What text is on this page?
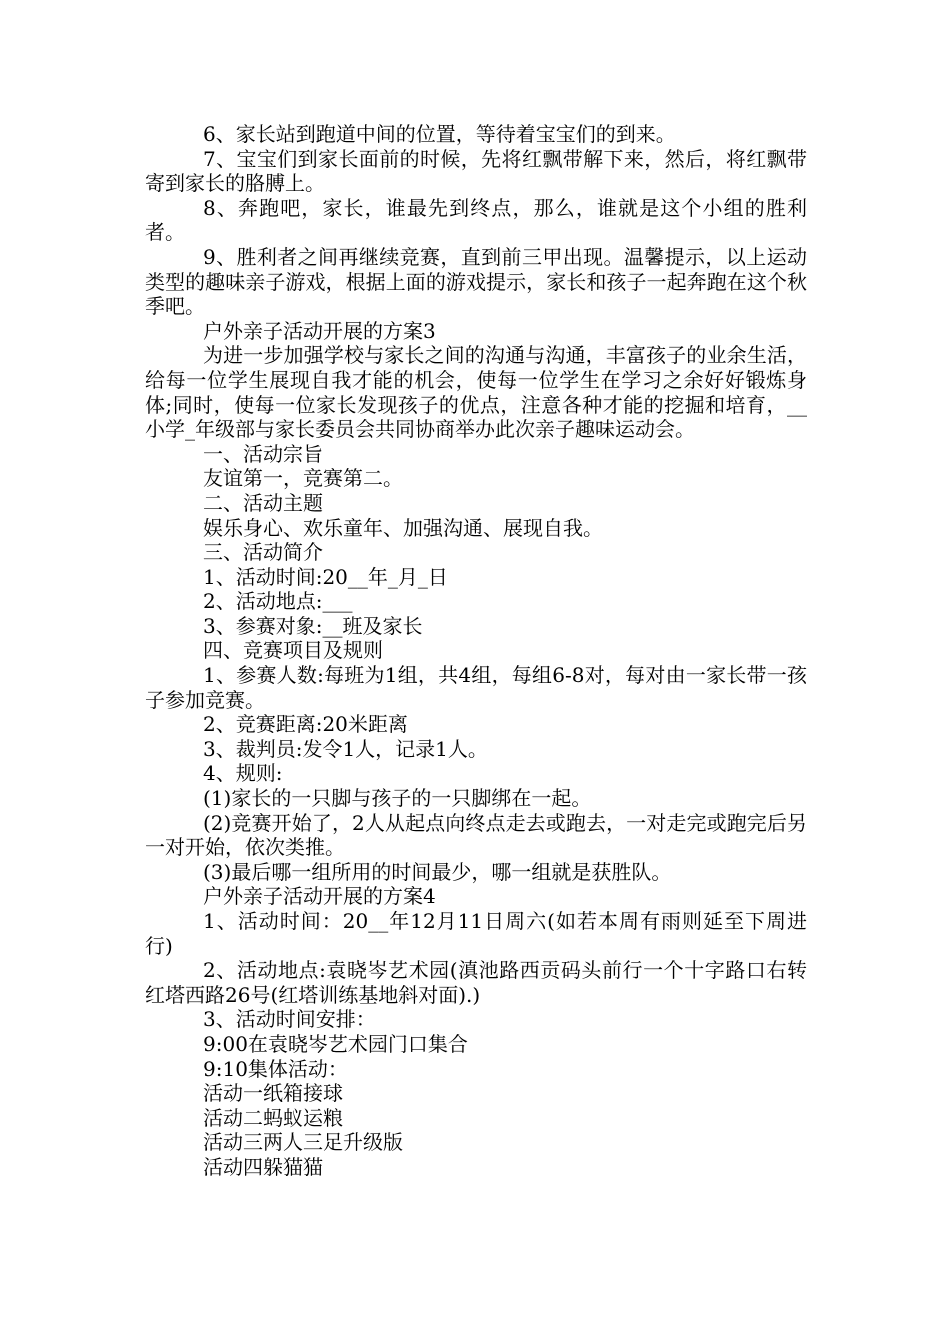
6、家长站到跑道中间的位置，等待着宝宝们的到来。

7、宝宝们到家长面前的时候，先将红飘带解下来，然后，将红飘带寄到家长的胳膊上。

8、奔跑吧，家长，谁最先到终点，那么，谁就是这个小组的胜利者。

9、胜利者之间再继续竞赛，直到前三甲出现。温馨提示，以上运动类型的趣味亲子游戏，根据上面的游戏提示，家长和孩子一起奔跑在这个秋季吧。

户外亲子活动开展的方案3

为进一步加强学校与家长之间的沟通与沟通，丰富孩子的业余生活，给每一位学生展现自我才能的机会，使每一位学生在学习之余好好锻炼身体;同时，使每一位家长发现孩子的优点，注意各种才能的挖掘和培育，__小学_年级部与家长委员会共同协商举办此次亲子趣味运动会。

一、活动宗旨

友谊第一，竞赛第二。

二、活动主题

娱乐身心、欢乐童年、加强沟通、展现自我。

三、活动简介

1、活动时间:20__年_月_日

2、活动地点:___

3、参赛对象:__班及家长

四、竞赛项目及规则

1、参赛人数:每班为1组，共4组，每组6-8对，每对由一家长带一孩子参加竞赛。

2、竞赛距离:20米距离

3、裁判员:发令1人，记录1人。

4、规则:

(1)家长的一只脚与孩子的一只脚绑在一起。

(2)竞赛开始了，2人从起点向终点走去或跑去，一对走完或跑完后另一对开始，依次类推。

(3)最后哪一组所用的时间最少，哪一组就是获胜队。

户外亲子活动开展的方案4

1、活动时间：20__年12月11日周六(如若本周有雨则延至下周进行)

2、活动地点:袁晓岑艺术园(滇池路西贡码头前行一个十字路口右转红塔西路26号(红塔训练基地斜对面).)

3、活动时间安排：

9:00在袁晓岑艺术园门口集合

9:10集体活动：

活动一纸箱接球

活动二蚂蚁运粮

活动三两人三足升级版

活动四躲猫猫
